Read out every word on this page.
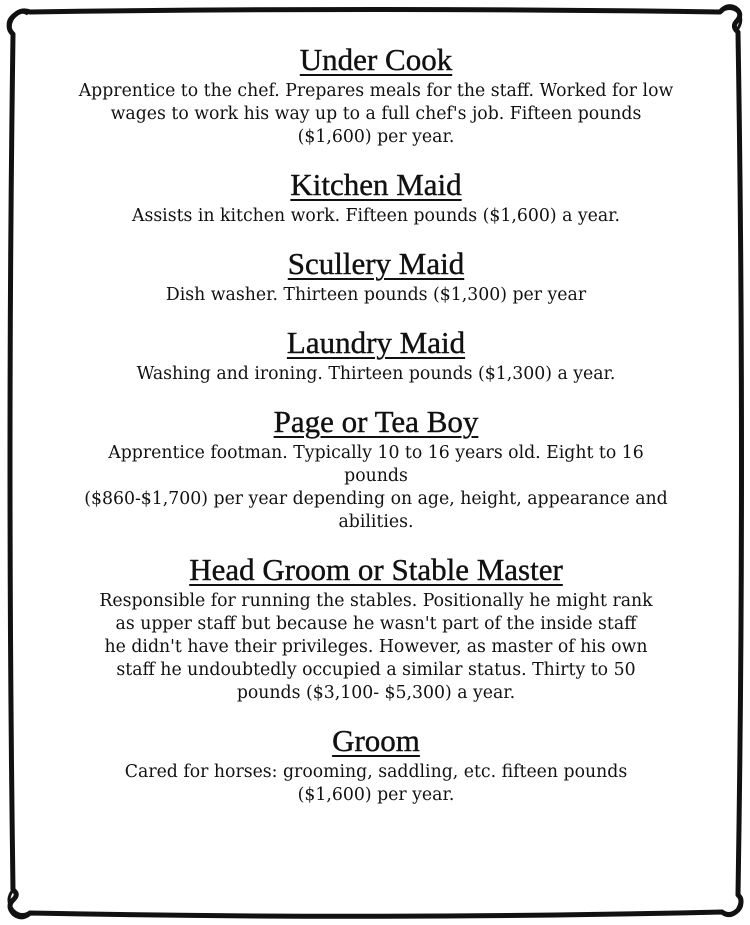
Under Cook

Apprentice to the chef. Prepares meals for the staff. Worked for low
wages to work his way up to a full chef's job. Fifteen pounds
($1,600) per year.

Kitchen Maid

Assists in kitchen work. Fifteen pounds ($1,600) a year.

Scullery Maid

Dish washer. Thirteen pounds ($1,300) per year

Laundry Maid

Washing and ironing. Thirteen pounds ($1,300) a year.

Page or Tea Boy

Apprentice footman. Typically 10 to 16 years old. Eight to 16
pounds
($860-$1,700) per year depending on age, height, appearance and
abilities.

Head Groom or Stable Master

Responsible for running the stables. Positionally he might rank
as upper staff but because he wasn't part of the inside staff
he didn't have their privileges. However, as master of his own
staff he undoubtedly occupied a similar status. Thirty to 50
pounds ($3,100- $5,300) a year.

Groom

Cared for horses: grooming, saddling, etc. fifteen pounds
($1,600) per year.
